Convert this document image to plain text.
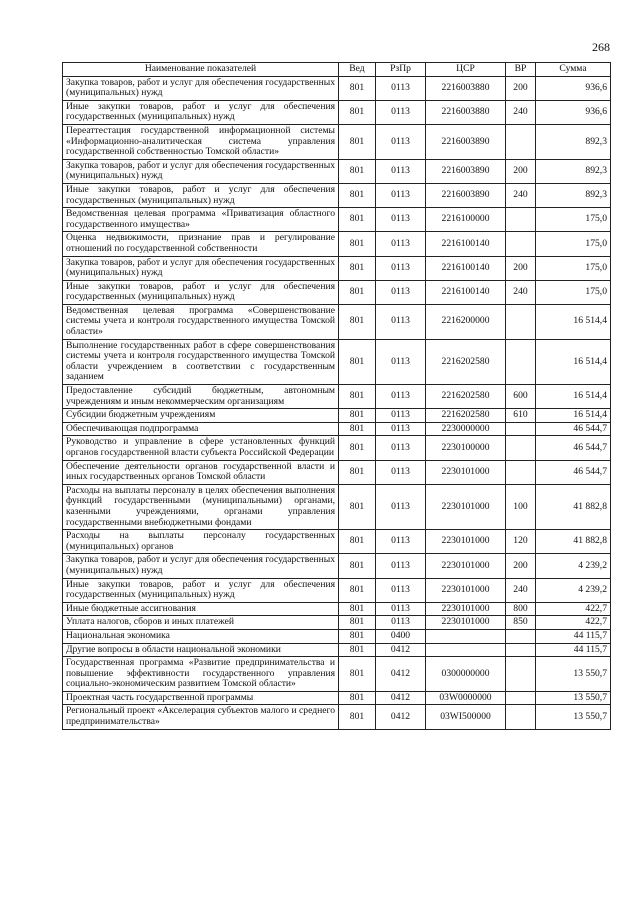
268
Наименование показателей	Вед	РзПр	ЦСР	ВР	Сумма
Закупка товаров, работ и услуг для обеспечения государственных (муниципальных) нужд	801	0113	2216003880	200	936,6
Иные закупки товаров, работ и услуг для обеспечения государственных (муниципальных) нужд	801	0113	2216003880	240	936,6
Переаттестация государственной информационной системы «Информационно-аналитическая система управления государственной собственностью Томской области»	801	0113	2216003890		892,3
Закупка товаров, работ и услуг для обеспечения государственных (муниципальных) нужд	801	0113	2216003890	200	892,3
Иные закупки товаров, работ и услуг для обеспечения государственных (муниципальных) нужд	801	0113	2216003890	240	892,3
Ведомственная целевая программа «Приватизация областного государственного имущества»	801	0113	2216100000		175,0
Оценка недвижимости, признание прав и регулирование отношений по государственной собственности	801	0113	2216100140		175,0
Закупка товаров, работ и услуг для обеспечения государственных (муниципальных) нужд	801	0113	2216100140	200	175,0
Иные закупки товаров, работ и услуг для обеспечения государственных (муниципальных) нужд	801	0113	2216100140	240	175,0
Ведомственная целевая программа «Совершенствование системы учета и контроля государственного имущества Томской области»	801	0113	2216200000		16 514,4
Выполнение государственных работ в сфере совершенствования системы учета и контроля государственного имущества Томской области учреждением в соответствии с государственным заданием	801	0113	2216202580		16 514,4
Предоставление субсидий бюджетным, автономным учреждениям и иным некоммерческим организациям	801	0113	2216202580	600	16 514,4
Субсидии бюджетным учреждениям	801	0113	2216202580	610	16 514,4
Обеспечивающая подпрограмма	801	0113	2230000000		46 544,7
Руководство и управление в сфере установленных функций органов государственной власти субъекта Российской Федерации	801	0113	2230100000		46 544,7
Обеспечение деятельности органов государственной власти и иных государственных органов Томской области	801	0113	2230101000		46 544,7
Расходы на выплаты персоналу в целях обеспечения выполнения функций государственными (муниципальными) органами, казенными учреждениями, органами управления государственными внебюджетными фондами	801	0113	2230101000	100	41 882,8
Расходы на выплаты персоналу государственных (муниципальных) органов	801	0113	2230101000	120	41 882,8
Закупка товаров, работ и услуг для обеспечения государственных (муниципальных) нужд	801	0113	2230101000	200	4 239,2
Иные закупки товаров, работ и услуг для обеспечения государственных (муниципальных) нужд	801	0113	2230101000	240	4 239,2
Иные бюджетные ассигнования	801	0113	2230101000	800	422,7
Уплата налогов, сборов и иных платежей	801	0113	2230101000	850	422,7
Национальная экономика	801	0400			44 115,7
Другие вопросы в области национальной экономики	801	0412			44 115,7
Государственная программа «Развитие предпринимательства и повышение эффективности государственного управления социально-экономическим развитием Томской области»	801	0412	0300000000		13 550,7
Проектная часть государственной программы	801	0412	03W0000000		13 550,7
Региональный проект «Акселерация субъектов малого и среднего предпринимательства»	801	0412	03WI500000		13 550,7
